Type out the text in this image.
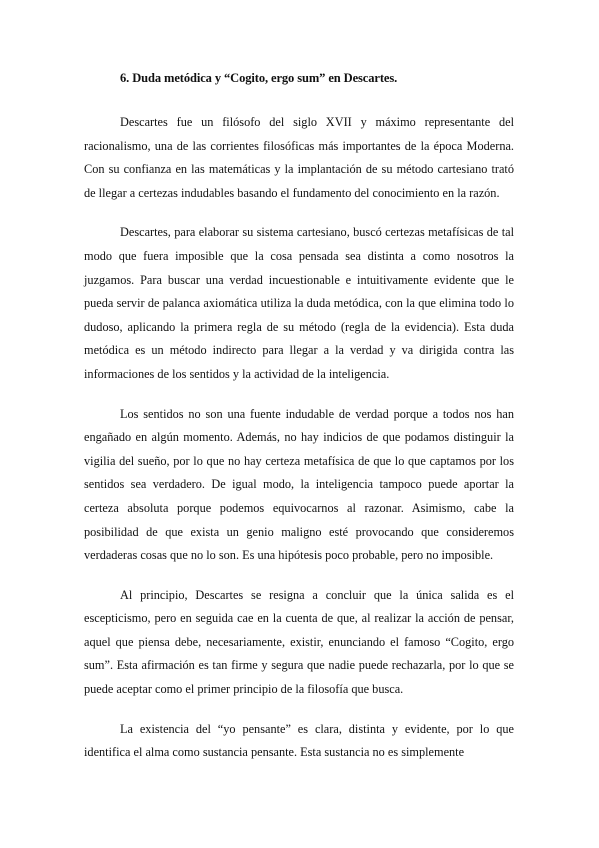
6. Duda metódica y “Cogito, ergo sum” en Descartes.

Descartes fue un filósofo del siglo XVII y máximo representante del racionalismo, una de las corrientes filosóficas más importantes de la época Moderna. Con su confianza en las matemáticas y la implantación de su método cartesiano trató de llegar a certezas indudables basando el fundamento del conocimiento en la razón.

Descartes, para elaborar su sistema cartesiano, buscó certezas metafísicas de tal modo que fuera imposible que la cosa pensada sea distinta a como nosotros la juzgamos. Para buscar una verdad incuestionable e intuitivamente evidente que le pueda servir de palanca axiomática utiliza la duda metódica, con la que elimina todo lo dudoso, aplicando la primera regla de su método (regla de la evidencia). Esta duda metódica es un método indirecto para llegar a la verdad y va dirigida contra las informaciones de los sentidos y la actividad de la inteligencia.

Los sentidos no son una fuente indudable de verdad porque a todos nos han engañado en algún momento. Además, no hay indicios de que podamos distinguir la vigilia del sueño, por lo que no hay certeza metafísica de que lo que captamos por los sentidos sea verdadero. De igual modo, la inteligencia tampoco puede aportar la certeza absoluta porque podemos equivocarnos al razonar. Asimismo, cabe la posibilidad de que exista un genio maligno esté provocando que consideremos verdaderas cosas que no lo son. Es una hipótesis poco probable, pero no imposible.

Al principio, Descartes se resigna a concluir que la única salida es el escepticismo, pero en seguida cae en la cuenta de que, al realizar la acción de pensar, aquel que piensa debe, necesariamente, existir, enunciando el famoso “Cogito, ergo sum”. Esta afirmación es tan firme y segura que nadie puede rechazarla, por lo que se puede aceptar como el primer principio de la filosofía que busca.

La existencia del “yo pensante” es clara, distinta y evidente, por lo que identifica el alma como sustancia pensante. Esta sustancia no es simplemente
